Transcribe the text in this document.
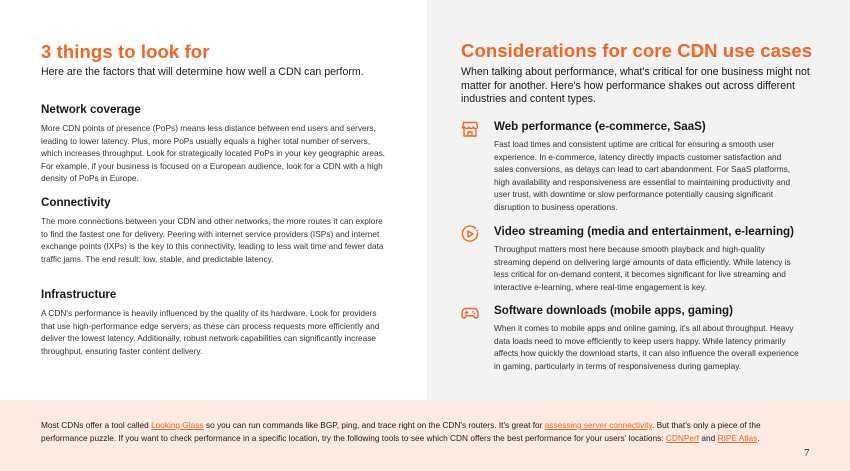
3 things to look for
Here are the factors that will determine how well a CDN can perform.
Network coverage
More CDN points of presence (PoPs) means less distance between end users and servers, leading to lower latency. Plus, more PoPs usually equals a higher total number of servers, which increases throughput. Look for strategically located PoPs in your key geographic areas. For example, if your business is focused on a European audience, look for a CDN with a high density of PoPs in Europe.
Connectivity
The more connections between your CDN and other networks, the more routes it can explore to find the fastest one for delivery. Peering with internet service providers (ISPs) and internet exchange points (IXPs) is the key to this connectivity, leading to less wait time and fewer data traffic jams. The end result: low, stable, and predictable latency.
Infrastructure
A CDN's performance is heavily influenced by the quality of its hardware. Look for providers that use high-performance edge servers, as these can process requests more efficiently and deliver the lowest latency. Additionally, robust network capabilities can significantly increase throughput, ensuring faster content delivery.
Considerations for core CDN use cases
When talking about performance, what's critical for one business might not matter for another. Here's how performance shakes out across different industries and content types.
Web performance (e-commerce, SaaS)
Fast load times and consistent uptime are critical for ensuring a smooth user experience. In e-commerce, latency directly impacts customer satisfaction and sales conversions, as delays can lead to cart abandonment. For SaaS platforms, high availability and responsiveness are essential to maintaining productivity and user trust, with downtime or slow performance potentially causing significant disruption to business operations.
Video streaming (media and entertainment, e-learning)
Throughput matters most here because smooth playback and high-quality streaming depend on delivering large amounts of data efficiently. While latency is less critical for on-demand content, it becomes significant for live streaming and interactive e-learning, where real-time engagement is key.
Software downloads (mobile apps, gaming)
When it comes to mobile apps and online gaming, it's all about throughput. Heavy data loads need to move efficiently to keep users happy. While latency primarily affects how quickly the download starts, it can also influence the overall experience in gaming, particularly in terms of responsiveness during gameplay.
Most CDNs offer a tool called Looking Glass so you can run commands like BGP, ping, and trace right on the CDN's routers. It's great for assessing server connectivity. But that's only a piece of the performance puzzle. If you want to check performance in a specific location, try the following tools to see which CDN offers the best performance for your users' locations: CDNPerf and RIPE Atlas.
7
